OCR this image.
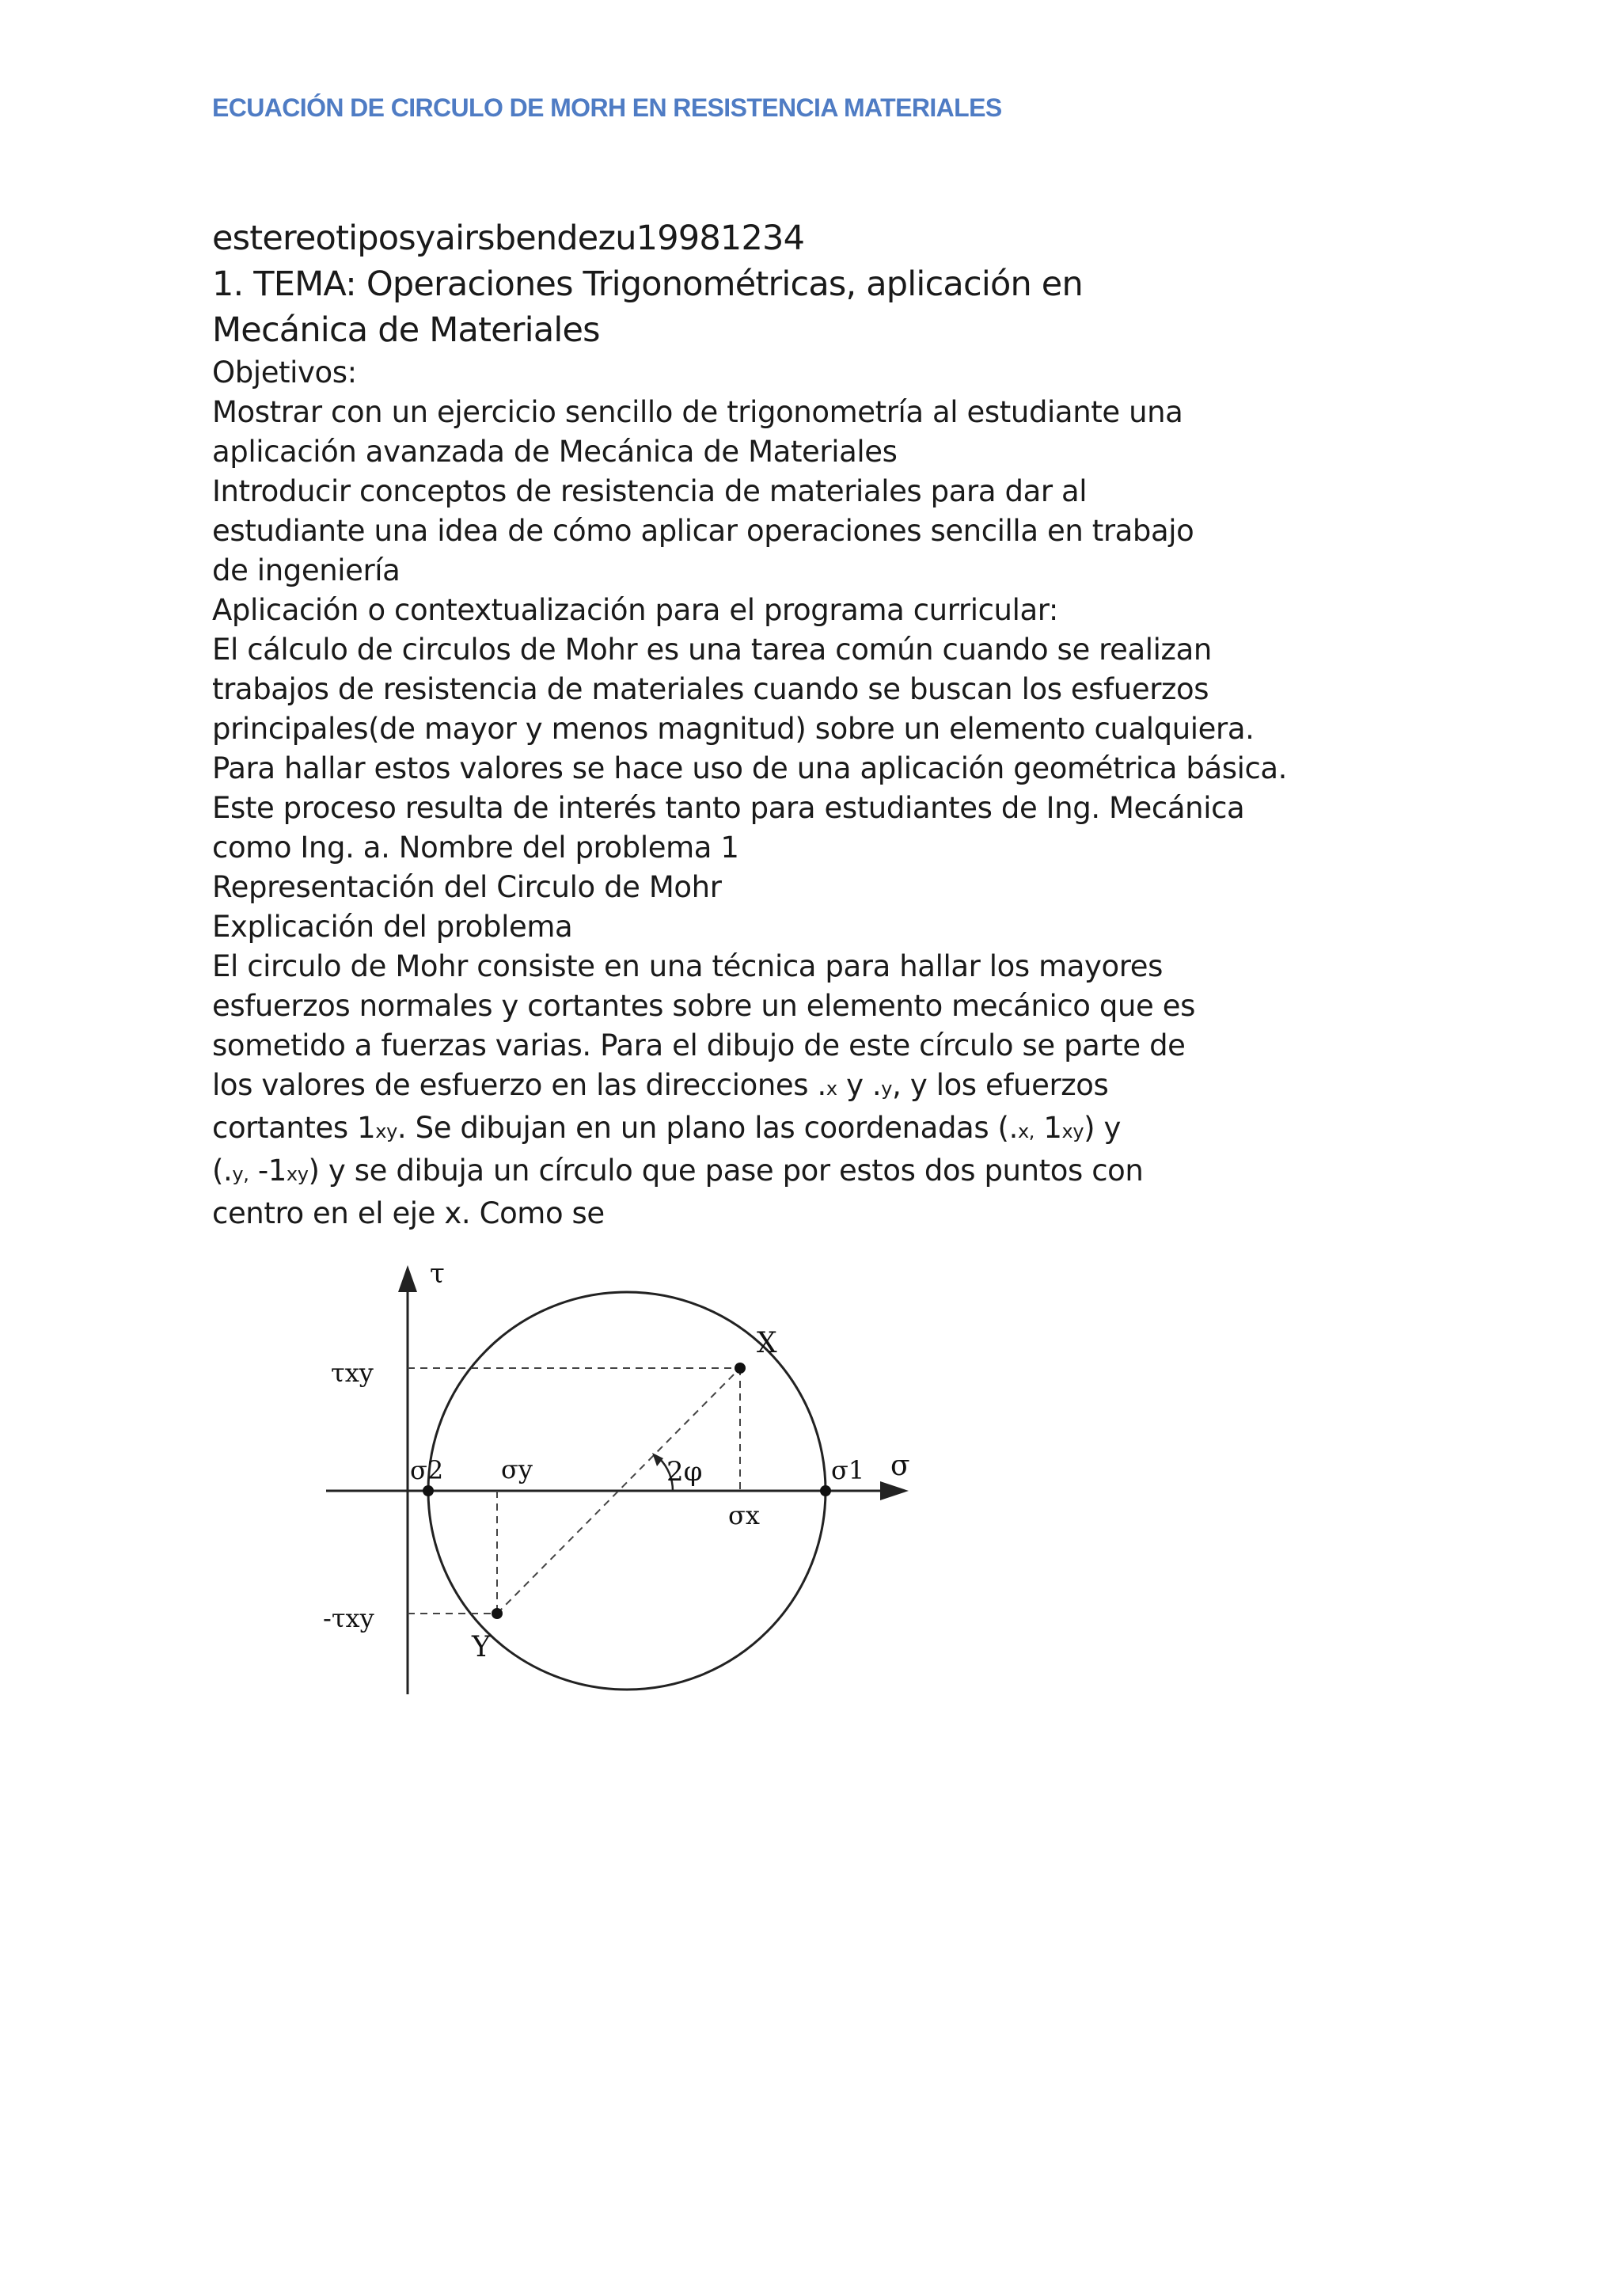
ECUACIÓN DE CIRCULO DE MORH EN RESISTENCIA MATERIALES

estereotiposyairsbendezu19981234

1. TEMA: Operaciones Trigonométricas, aplicación en

Mecánica de Materiales

Objetivos:

Mostrar con un ejercicio sencillo de trigonometría al estudiante una

aplicación avanzada de Mecánica de Materiales

Introducir conceptos de resistencia de materiales para dar al

estudiante una idea de cómo aplicar operaciones sencilla en trabajo

de ingeniería

Aplicación o contextualización para el programa curricular:

El cálculo de circulos de Mohr es una tarea común cuando se realizan

trabajos de resistencia de materiales cuando se buscan los esfuerzos

principales(de mayor y menos magnitud) sobre un elemento cualquiera.

Para hallar estos valores se hace uso de una aplicación geométrica básica.

Este proceso resulta de interés tanto para estudiantes de Ing. Mecánica

como Ing. a. Nombre del problema 1

Representación del Circulo de Mohr

Explicación del problema

El circulo de Mohr consiste en una técnica para hallar los mayores

esfuerzos normales y cortantes sobre un elemento mecánico que es

sometido a fuerzas varias. Para el dibujo de este círculo se parte de

los valores de esfuerzo en las direcciones .x y .y, y los efuerzos

cortantes 1xy. Se dibujan en un plano las coordenadas (.x, 1xy) y

(.y, -1xy) y se dibuja un círculo que pase por estos dos puntos con

centro en el eje x. Como se

τ
σ
τxy
-τxy
σ2 σy	2φ	σ1
σx
X
Y
